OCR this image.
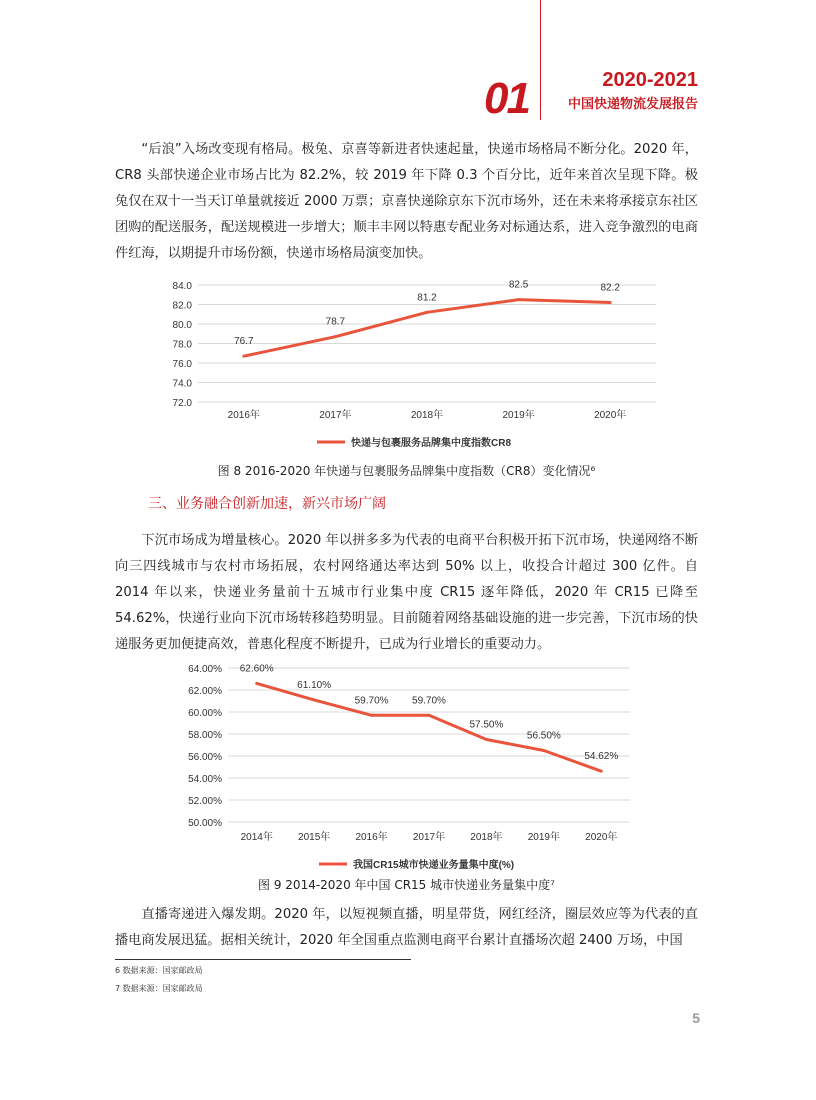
01	2020-2021
中国快递物流发展报告

“后浪”入场改变现有格局。极兔、京喜等新进者快速起量，快递市场格局不断分化。2020 年，CR8 头部快递企业市场占比为 82.2%，较 2019 年下降 0.3 个百分比，近年来首次呈现下降。极兔仅在双十一当天订单量就接近 2000 万票；京喜快递除京东下沉市场外，还在未来将承接京东社区团购的配送服务，配送规模进一步增大；顺丰丰网以特惠专配业务对标通达系，进入竞争激烈的电商件红海，以期提升市场份额，快递市场格局演变加快。

72.0
74.0
76.0
78.0
80.0
82.0
84.0
2016年	2017年	2018年	2019年	2020年
76.7
78.7
81.2
82.5	82.2
快递与包裹服务品牌集中度指数CR8
图 8 2016-2020 年快递与包裹服务品牌集中度指数（CR8）变化情况⁶
三、业务融合创新加速，新兴市场广阔

下沉市场成为增量核心。2020 年以拼多多为代表的电商平台积极开拓下沉市场，快递网络不断向三四线城市与农村市场拓展，农村网络通达率达到 50% 以上，收投合计超过 300 亿件。自 2014 年以来，快递业务量前十五城市行业集中度 CR15 逐年降低，2020 年 CR15 已降至 54.62%，快递行业向下沉市场转移趋势明显。目前随着网络基础设施的进一步完善，下沉市场的快递服务更加便捷高效，普惠化程度不断提升，已成为行业增长的重要动力。

50.00%
52.00%
54.00%
56.00%
58.00%
60.00%
62.00%
64.00%
2014年	2015年	2016年	2017年	2018年	2019年	2020年
62.60%
61.10%
59.70% 59.70%
57.50%
56.50%
54.62%
我国CR15城市快递业务量集中度(%)
图 9 2014-2020 年中国 CR15 城市快递业务量集中度⁷

直播寄递进入爆发期。2020 年，以短视频直播，明星带货，网红经济，圈层效应等为代表的直播电商发展迅猛。据相关统计，2020 年全国重点监测电商平台累计直播场次超 2400 万场，中国

6 数据来源：国家邮政局
7 数据来源：国家邮政局
5
